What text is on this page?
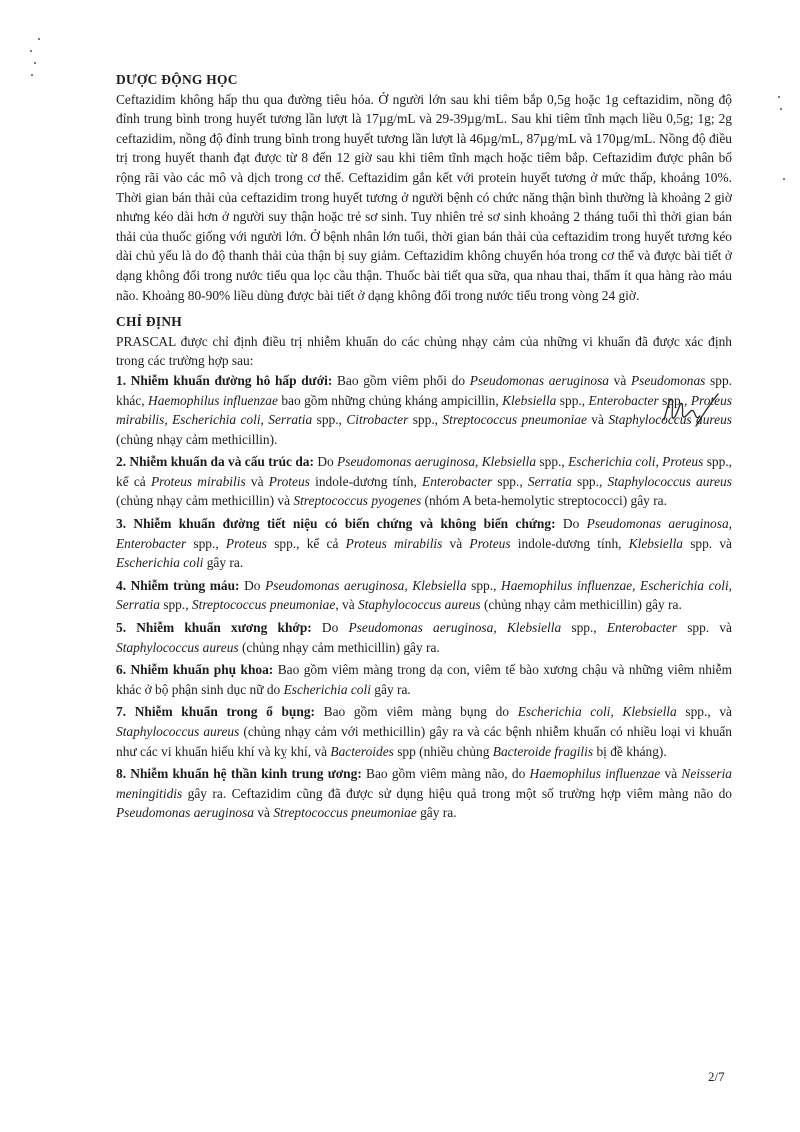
DƯỢC ĐỘNG HỌC

Ceftazidim không hấp thu qua đường tiêu hóa. Ở người lớn sau khi tiêm bắp 0,5g hoặc 1g ceftazidim, nồng độ đỉnh trung bình trong huyết tương lần lượt là 17µg/mL và 29-39µg/mL. Sau khi tiêm tĩnh mạch liều 0,5g; 1g; 2g ceftazidim, nồng độ đỉnh trung bình trong huyết tương lần lượt là 46µg/mL, 87µg/mL và 170µg/mL. Nồng độ điều trị trong huyết thanh đạt được từ 8 đến 12 giờ sau khi tiêm tĩnh mạch hoặc tiêm bắp. Ceftazidim được phân bố rộng rãi vào các mô và dịch trong cơ thể. Ceftazidim gắn kết với protein huyết tương ở mức thấp, khoảng 10%. Thời gian bán thải của ceftazidim trong huyết tương ở người bệnh có chức năng thận bình thường là khoảng 2 giờ nhưng kéo dài hơn ở người suy thận hoặc trẻ sơ sinh. Tuy nhiên trẻ sơ sinh khoảng 2 tháng tuổi thì thời gian bán thải của thuốc giống với người lớn. Ở bệnh nhân lớn tuổi, thời gian bán thải của ceftazidim trong huyết tương kéo dài chủ yếu là do độ thanh thải của thận bị suy giảm. Ceftazidim không chuyển hóa trong cơ thể và được bài tiết ở dạng không đổi trong nước tiểu qua lọc cầu thận. Thuốc bài tiết qua sữa, qua nhau thai, thấm ít qua hàng rào máu não. Khoảng 80-90% liều dùng được bài tiết ở dạng không đổi trong nước tiểu trong vòng 24 giờ.

CHỈ ĐỊNH

PRASCAL được chỉ định điều trị nhiễm khuẩn do các chủng nhạy cảm của những vi khuẩn đã được xác định trong các trường hợp sau:

1. Nhiễm khuẩn đường hô hấp dưới: Bao gồm viêm phổi do Pseudomonas aeruginosa và Pseudomonas spp. khác, Haemophilus influenzae bao gồm những chủng kháng ampicillin, Klebsiella spp., Enterobacter spp., Proteus mirabilis, Escherichia coli, Serratia spp., Citrobacter spp., Streptococcus pneumoniae và Staphylococcus aureus (chủng nhạy cảm methicillin).

2. Nhiễm khuẩn da và cấu trúc da: Do Pseudomonas aeruginosa, Klebsiella spp., Escherichia coli, Proteus spp., kể cả Proteus mirabilis và Proteus indole-dương tính, Enterobacter spp., Serratia spp., Staphylococcus aureus (chủng nhạy cảm methicillin) và Streptococcus pyogenes (nhóm A beta-hemolytic streptococci) gây ra.

3. Nhiễm khuẩn đường tiết niệu có biến chứng và không biến chứng: Do Pseudomonas aeruginosa, Enterobacter spp., Proteus spp., kể cả Proteus mirabilis và Proteus indole-dương tính, Klebsiella spp. và Escherichia coli gây ra.

4. Nhiễm trùng máu: Do Pseudomonas aeruginosa, Klebsiella spp., Haemophilus influenzae, Escherichia coli, Serratia spp., Streptococcus pneumoniae, và Staphylococcus aureus (chủng nhạy cảm methicillin) gây ra.

5. Nhiễm khuẩn xương khớp: Do Pseudomonas aeruginosa, Klebsiella spp., Enterobacter spp. và Staphylococcus aureus (chủng nhạy cảm methicillin) gây ra.

6. Nhiễm khuẩn phụ khoa: Bao gồm viêm màng trong dạ con, viêm tế bào xương chậu và những viêm nhiễm khác ở bộ phận sinh dục nữ do Escherichia coli gây ra.

7. Nhiễm khuẩn trong ổ bụng: Bao gồm viêm màng bụng do Escherichia coli, Klebsiella spp., và Staphylococcus aureus (chủng nhạy cảm với methicillin) gây ra và các bệnh nhiễm khuẩn có nhiều loại vi khuẩn như các vi khuẩn hiếu khí và kỵ khí, và Bacteroides spp (nhiều chủng Bacteroide fragilis bị đề kháng).

8. Nhiễm khuẩn hệ thần kinh trung ương: Bao gồm viêm màng não, do Haemophilus influenzae và Neisseria meningitidis gây ra. Ceftazidim cũng đã được sử dụng hiệu quả trong một số trường hợp viêm màng não do Pseudomonas aeruginosa và Streptococcus pneumoniae gây ra.

2/7
